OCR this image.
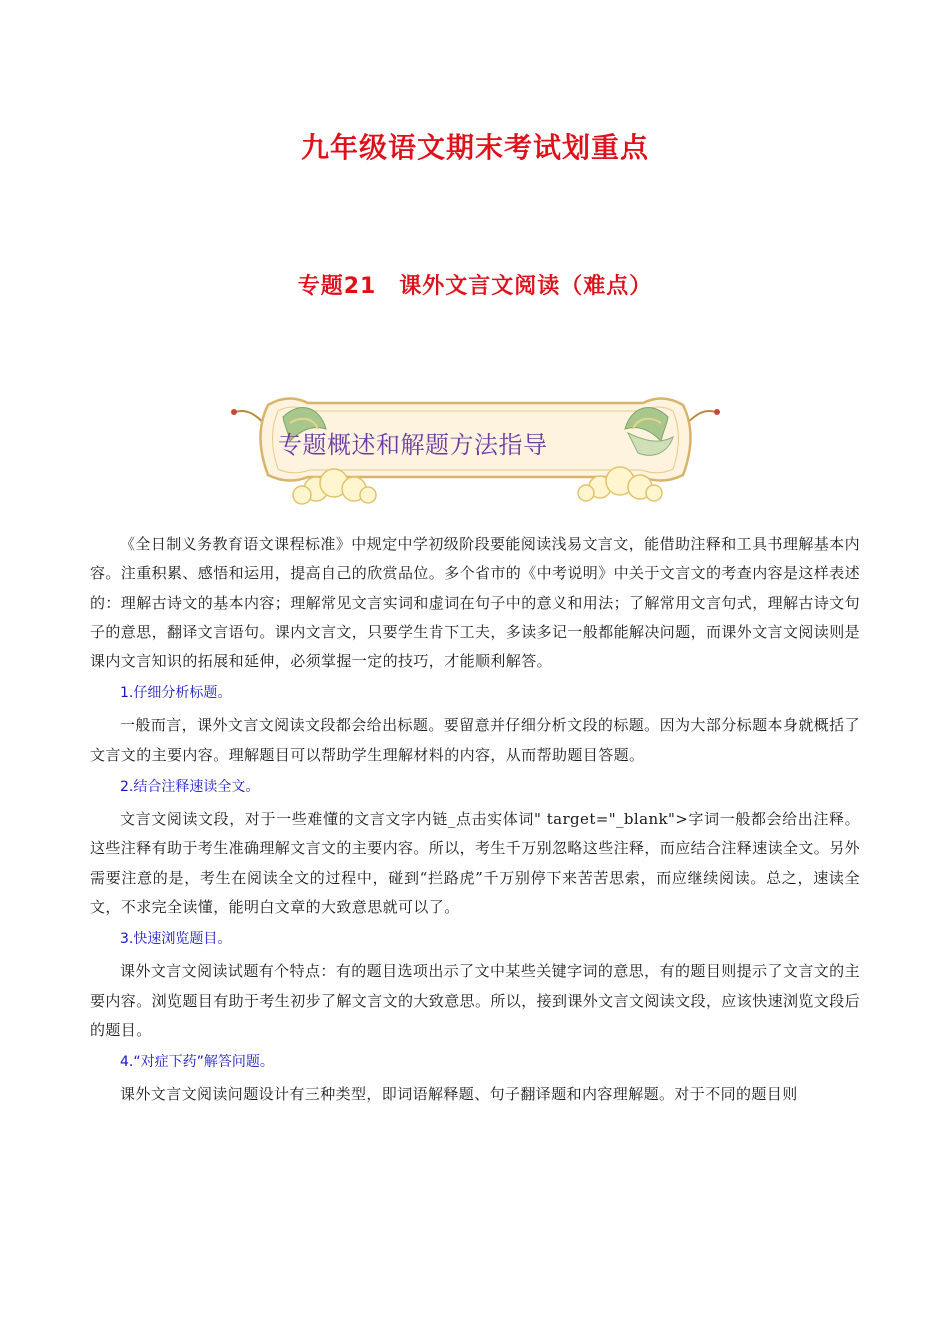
九年级语文期末考试划重点
专题21　课外文言文阅读（难点）
专题概述和解题方法指导

《全日制义务教育语文课程标准》中规定中学初级阶段要能阅读浅易文言文，能借助注释和工具书理解基本内容。注重积累、感悟和运用，提高自己的欣赏品位。多个省市的《中考说明》中关于文言文的考查内容是这样表述的：理解古诗文的基本内容；理解常见文言实词和虚词在句子中的意义和用法；了解常用文言句式，理解古诗文句子的意思，翻译文言语句。课内文言文，只要学生肯下工夫，多读多记一般都能解决问题，而课外文言文阅读则是课内文言知识的拓展和延伸，必须掌握一定的技巧，才能顺利解答。

1.仔细分析标题。

一般而言，课外文言文阅读文段都会给出标题。要留意并仔细分析文段的标题。因为大部分标题本身就概括了文言文的主要内容。理解题目可以帮助学生理解材料的内容，从而帮助题目答题。

2.结合注释速读全文。

文言文阅读文段，对于一些难懂的文言文字内链_点击实体词" target="_blank">字词一般都会给出注释。这些注释有助于考生准确理解文言文的主要内容。所以，考生千万别忽略这些注释，而应结合注释速读全文。另外需要注意的是，考生在阅读全文的过程中，碰到“拦路虎”千万别停下来苦苦思索，而应继续阅读。总之，速读全文，不求完全读懂，能明白文章的大致意思就可以了。

3.快速浏览题目。

课外文言文阅读试题有个特点：有的题目选项出示了文中某些关键字词的意思，有的题目则提示了文言文的主要内容。浏览题目有助于考生初步了解文言文的大致意思。所以，接到课外文言文阅读文段，应该快速浏览文段后的题目。

4.“对症下药”解答问题。

课外文言文阅读问题设计有三种类型，即词语解释题、句子翻译题和内容理解题。对于不同的题目则
